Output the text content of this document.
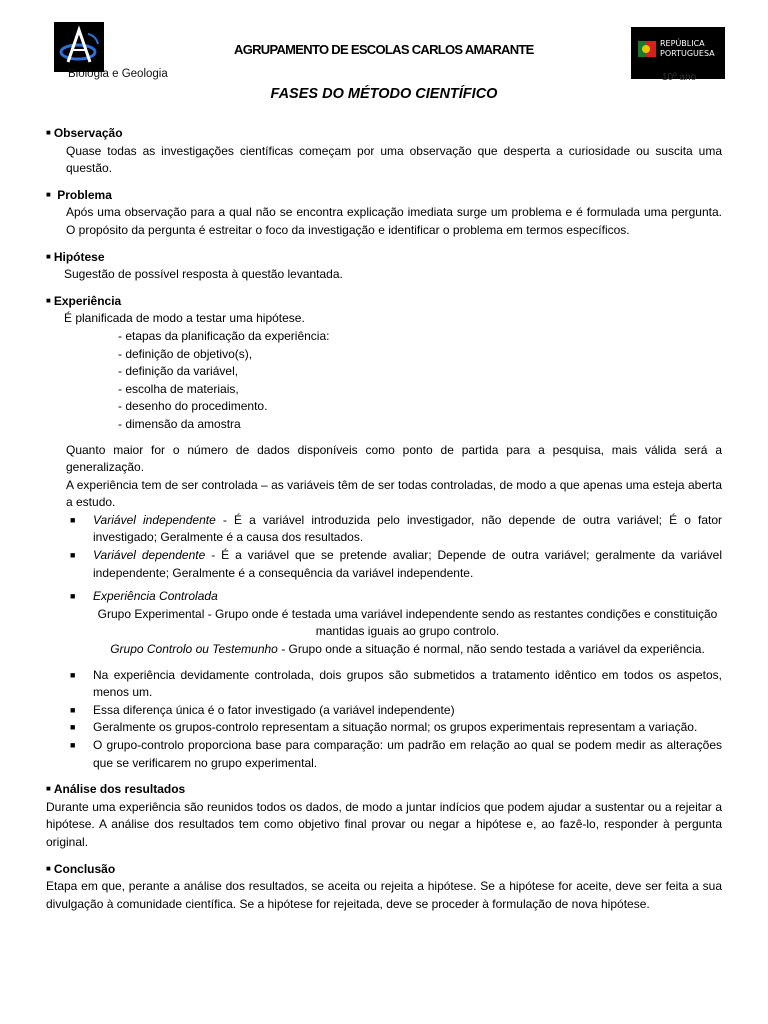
AGRUPAMENTO DE ESCOLAS CARLOS AMARANTE	REPÚBLICA
PORTUGUESA
Biologia e Geologia	10º ano
FASES DO MÉTODO CIENTÍFICO
■ Observação
Quase todas as investigações científicas começam por uma observação que desperta a curiosidade ou suscita uma questão.
■ Problema
Após uma observação para a qual não se encontra explicação imediata surge um problema e é formulada uma pergunta. O propósito da pergunta é estreitar o foco da investigação e identificar o problema em termos específicos.
■ Hipótese
Sugestão de possível resposta à questão levantada.
■ Experiência
É planificada de modo a testar uma hipótese.
- etapas da planificação da experiência:
- definição de objetivo(s),
- definição da variável,
- escolha de materiais,
- desenho do procedimento.
- dimensão da amostra
Quanto maior for o número de dados disponíveis como ponto de partida para a pesquisa, mais válida será a generalização.
A experiência tem de ser controlada – as variáveis têm de ser todas controladas, de modo a que apenas uma esteja aberta a estudo.
■ Variável independente - É a variável introduzida pelo investigador, não depende de outra variável; É o fator investigado; Geralmente é a causa dos resultados.
■ Variável dependente - É a variável que se pretende avaliar; Depende de outra variável; geralmente da variável independente; Geralmente é a consequência da variável independente.
■ Experiência Controlada
Grupo Experimental - Grupo onde é testada uma variável independente sendo as restantes condições e constituição mantidas iguais ao grupo controlo.
Grupo Controlo ou Testemunho - Grupo onde a situação é normal, não sendo testada a variável da experiência.
■ Na experiência devidamente controlada, dois grupos são submetidos a tratamento idêntico em todos os aspetos, menos um.
■ Essa diferença única é o fator investigado (a variável independente)
■ Geralmente os grupos-controlo representam a situação normal; os grupos experimentais representam a variação.
■ O grupo-controlo proporciona base para comparação: um padrão em relação ao qual se podem medir as alterações que se verificarem no grupo experimental.
■ Análise dos resultados
Durante uma experiência são reunidos todos os dados, de modo a juntar indícios que podem ajudar a sustentar ou a rejeitar a hipótese. A análise dos resultados tem como objetivo final provar ou negar a hipótese e, ao fazê-lo, responder à pergunta original.
■ Conclusão
Etapa em que, perante a análise dos resultados, se aceita ou rejeita a hipótese. Se a hipótese for aceite, deve ser feita a sua divulgação à comunidade científica. Se a hipótese for rejeitada, deve se proceder à formulação de nova hipótese.
